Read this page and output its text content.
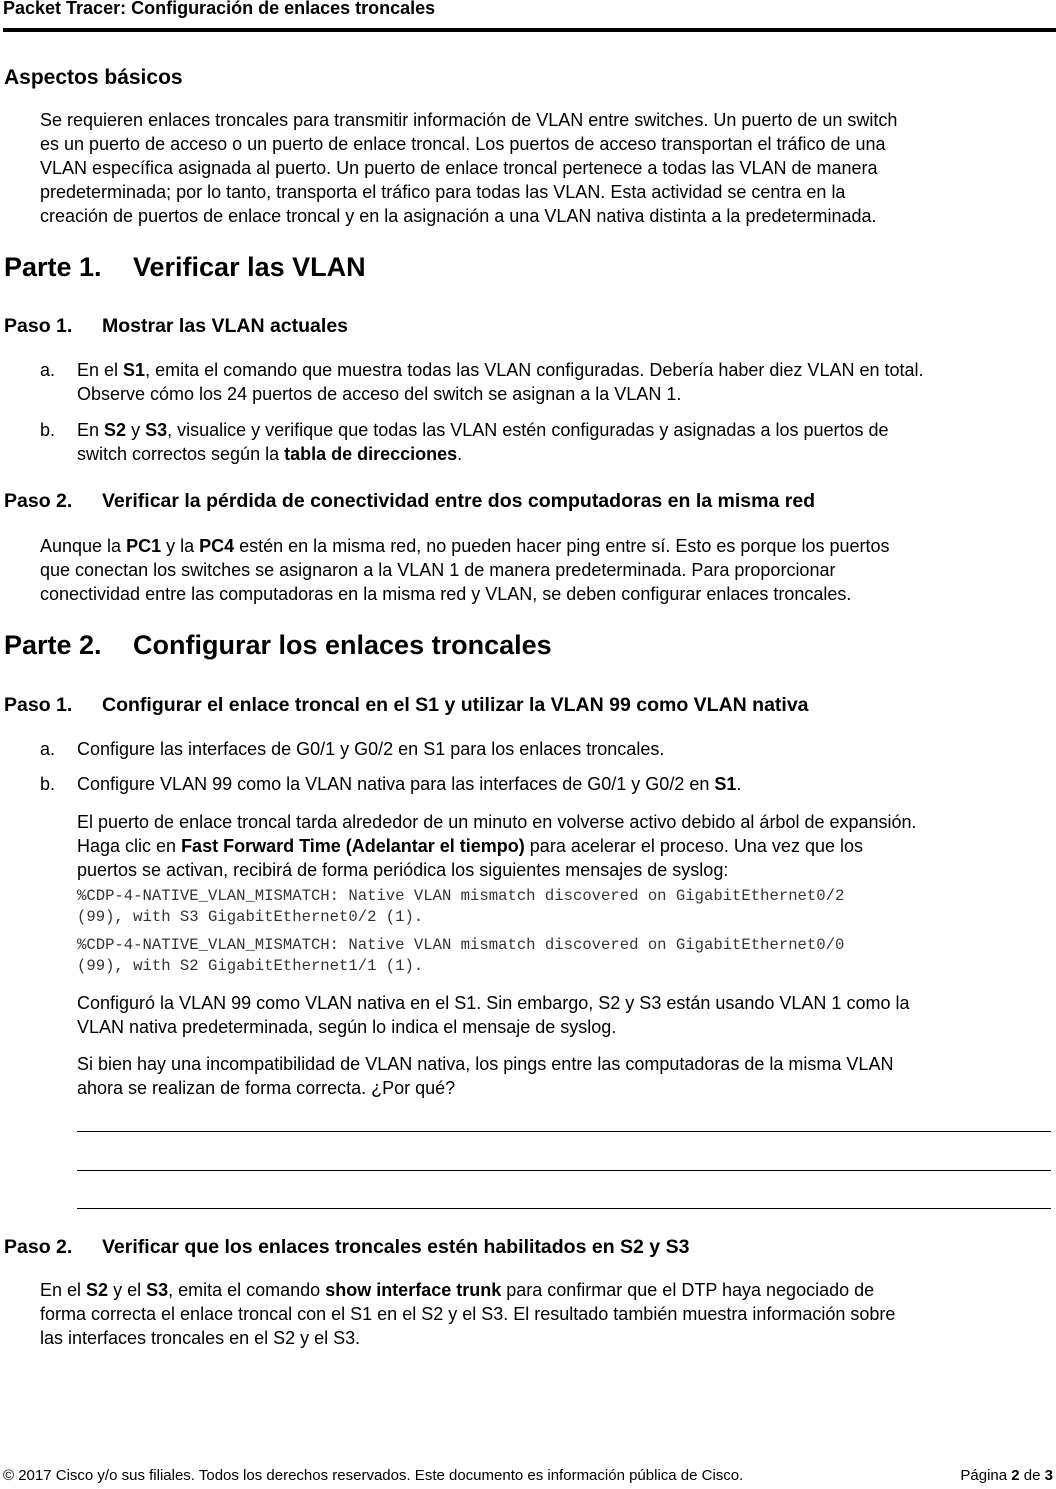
Packet Tracer: Configuración de enlaces troncales
Aspectos básicos
Se requieren enlaces troncales para transmitir información de VLAN entre switches. Un puerto de un switch
es un puerto de acceso o un puerto de enlace troncal. Los puertos de acceso transportan el tráfico de una
VLAN específica asignada al puerto. Un puerto de enlace troncal pertenece a todas las VLAN de manera
predeterminada; por lo tanto, transporta el tráfico para todas las VLAN. Esta actividad se centra en la
creación de puertos de enlace troncal y en la asignación a una VLAN nativa distinta a la predeterminada.
Parte 1. Verificar las VLAN
Paso 1. Mostrar las VLAN actuales
a. En el S1, emita el comando que muestra todas las VLAN configuradas. Debería haber diez VLAN en total.
Observe cómo los 24 puertos de acceso del switch se asignan a la VLAN 1.
b. En S2 y S3, visualice y verifique que todas las VLAN estén configuradas y asignadas a los puertos de
switch correctos según la tabla de direcciones.
Paso 2. Verificar la pérdida de conectividad entre dos computadoras en la misma red
Aunque la PC1 y la PC4 estén en la misma red, no pueden hacer ping entre sí. Esto es porque los puertos
que conectan los switches se asignaron a la VLAN 1 de manera predeterminada. Para proporcionar
conectividad entre las computadoras en la misma red y VLAN, se deben configurar enlaces troncales.
Parte 2. Configurar los enlaces troncales
Paso 1. Configurar el enlace troncal en el S1 y utilizar la VLAN 99 como VLAN nativa
a. Configure las interfaces de G0/1 y G0/2 en S1 para los enlaces troncales.
b. Configure VLAN 99 como la VLAN nativa para las interfaces de G0/1 y G0/2 en S1.
El puerto de enlace troncal tarda alrededor de un minuto en volverse activo debido al árbol de expansión.
Haga clic en Fast Forward Time (Adelantar el tiempo) para acelerar el proceso. Una vez que los
puertos se activan, recibirá de forma periódica los siguientes mensajes de syslog:
%CDP-4-NATIVE_VLAN_MISMATCH: Native VLAN mismatch discovered on GigabitEthernet0/2
(99), with S3 GigabitEthernet0/2 (1).
%CDP-4-NATIVE_VLAN_MISMATCH: Native VLAN mismatch discovered on GigabitEthernet0/0
(99), with S2 GigabitEthernet1/1 (1).
Configuró la VLAN 99 como VLAN nativa en el S1. Sin embargo, S2 y S3 están usando VLAN 1 como la
VLAN nativa predeterminada, según lo indica el mensaje de syslog.
Si bien hay una incompatibilidad de VLAN nativa, los pings entre las computadoras de la misma VLAN
ahora se realizan de forma correcta. ¿Por qué?
Paso 2. Verificar que los enlaces troncales estén habilitados en S2 y S3
En el S2 y el S3, emita el comando show interface trunk para confirmar que el DTP haya negociado de
forma correcta el enlace troncal con el S1 en el S2 y el S3. El resultado también muestra información sobre
las interfaces troncales en el S2 y el S3.
© 2017 Cisco y/o sus filiales. Todos los derechos reservados. Este documento es información pública de Cisco.	Página 2 de 3
